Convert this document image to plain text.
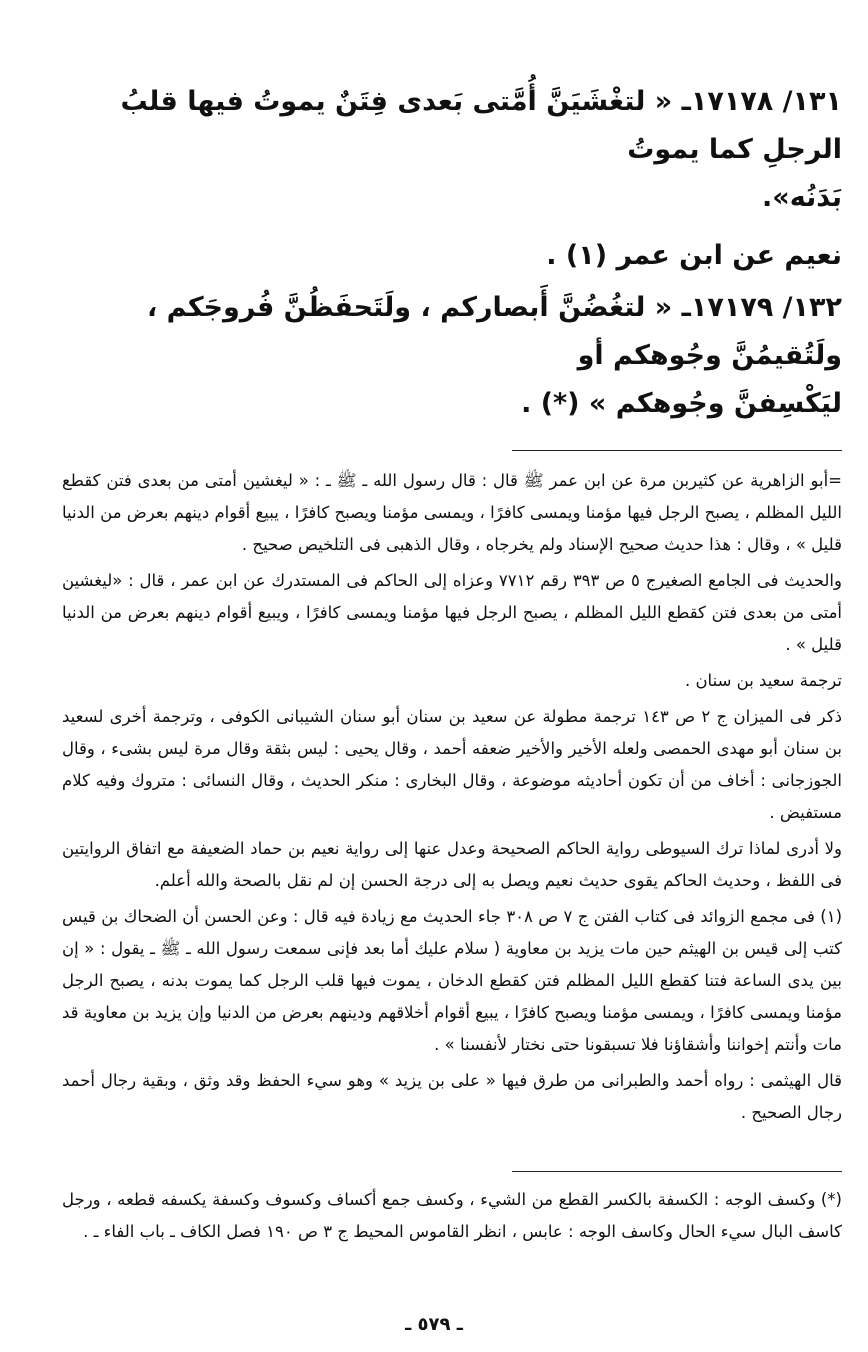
١٣١/ ١٧١٧٨ـ « لتغْشَيَنَّ أُمَّتى بَعدى فِتَنٌ يموتُ فيها قلبُ الرجلِ كما يموتُ
بَدَنُه».

نعيم عن ابن عمر (١) .

١٣٢/ ١٧١٧٩ـ « لتغُضُنَّ أَبصاركم ، ولَتَحفَظُنَّ فُروجَكم ، ولَتُقيمُنَّ وجُوهكم أو
ليَكْسِفنَّ وجُوهكم » (*) .

=أبو الزاهرية عن كثيربن مرة عن ابن عمر ﷺ قال : قال رسول الله ـ ﷺ ـ : « ليغشين أمتى من بعدى فتن كقطع الليل المظلم ، يصبح الرجل فيها مؤمنا ويمسى كافرًا ، ويمسى مؤمنا ويصبح كافرًا ، يبيع أقوام دينهم بعرض من الدنيا قليل » ، وقال : هذا حديث صحيح الإسناد ولم يخرجاه ، وقال الذهبى فى التلخيص صحيح .

والحديث فى الجامع الصغيرج ٥ ص ٣٩٣ رقم ٧٧١٢ وعزاه إلى الحاكم فى المستدرك عن ابن عمر ، قال : «ليغشين أمتى من بعدى فتن كقطع الليل المظلم ، يصبح الرجل فيها مؤمنا ويمسى كافرًا ، ويبيع أقوام دينهم بعرض من الدنيا قليل » .

ترجمة سعيد بن سنان .

ذكر فى الميزان ج ٢ ص ١٤٣ ترجمة مطولة عن سعيد بن سنان أبو سنان الشيبانى الكوفى ، وترجمة أخرى لسعيد بن سنان أبو مهدى الحمصى ولعله الأخير والأخير ضعفه أحمد ، وقال يحيى : ليس بثقة وقال مرة ليس بشىء ، وقال الجوزجانى : أخاف من أن تكون أحاديثه موضوعة ، وقال البخارى : منكر الحديث ، وقال النسائى : متروك وفيه كلام مستفيض .

ولا أدرى لماذا ترك السيوطى رواية الحاكم الصحيحة وعدل عنها إلى رواية نعيم بن حماد الضعيفة مع اتفاق الروايتين فى اللفظ ، وحديث الحاكم يقوى حديث نعيم ويصل به إلى درجة الحسن إن لم نقل بالصحة والله أعلم.

(١) فى مجمع الزوائد فى كتاب الفتن ج ٧ ص ٣٠٨ جاء الحديث مع زيادة فيه قال : وعن الحسن أن الضحاك بن قيس كتب إلى قيس بن الهيثم حين مات يزيد بن معاوية ( سلام عليك أما بعد فإنى سمعت رسول الله ـ ﷺ ـ يقول : « إن بين يدى الساعة فتنا كقطع الليل المظلم فتن كقطع الدخان ، يموت فيها قلب الرجل كما يموت بدنه ، يصبح الرجل مؤمنا ويمسى كافرًا ، ويمسى مؤمنا ويصبح كافرًا ، يبيع أقوام أخلاقهم ودينهم بعرض من الدنيا وإن يزيد بن معاوية قد مات وأنتم إخواننا وأشقاؤنا فلا تسبقونا حتى نختار لأنفسنا » .

قال الهيثمى : رواه أحمد والطبرانى من طرق فيها « على بن يزيد » وهو سيء الحفظ وقد وثق ، وبقية رجال أحمد رجال الصحيح .

(*) وكسف الوجه : الكسفة بالكسر القطع من الشيء ، وكسف جمع أكساف وكسوف وكسفة يكسفه قطعه ، ورجل كاسف البال سيء الحال وكاسف الوجه : عابس ، انظر القاموس المحيط ج ٣ ص ١٩٠ فصل الكاف ـ باب الفاء ـ .

ـ ٥٧٩ ـ
